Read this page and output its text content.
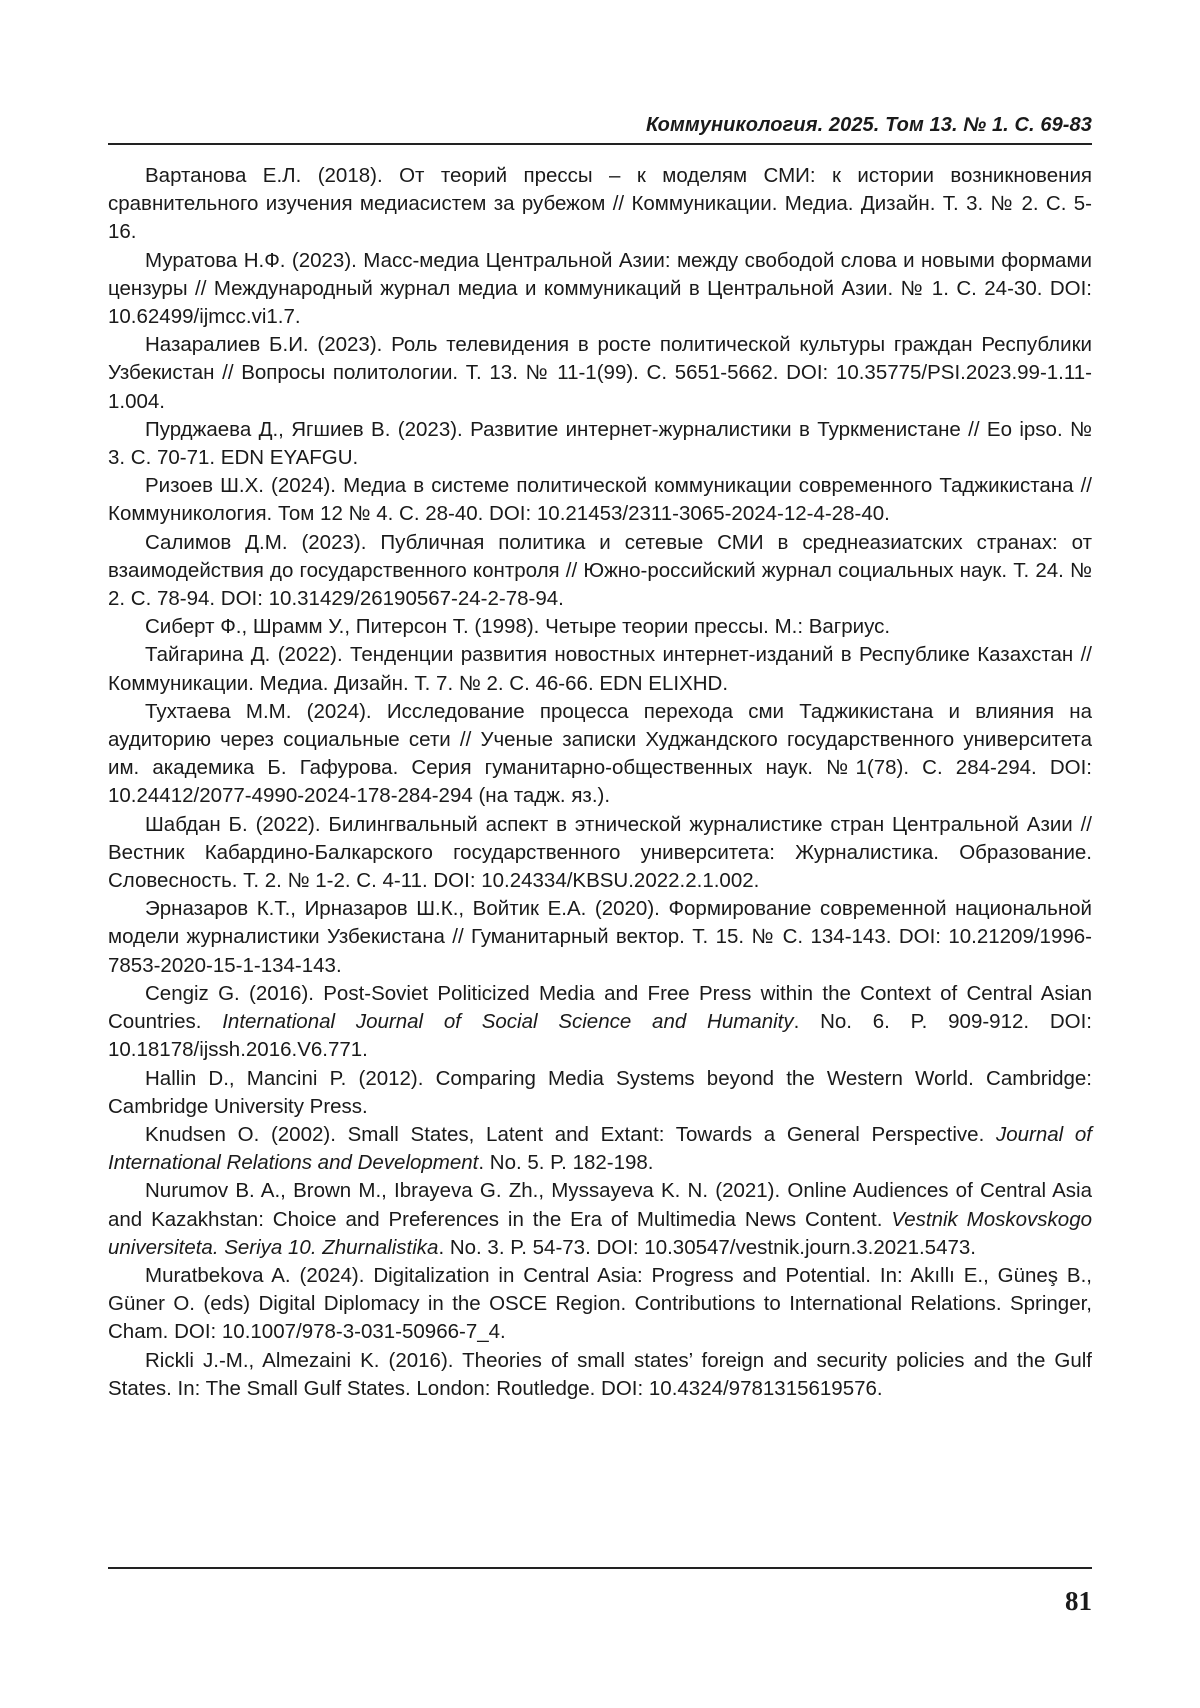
Коммуникология. 2025. Том 13. № 1. С. 69-83

Вартанова Е.Л. (2018). От теорий прессы – к моделям СМИ: к истории возникновения сравнительного изучения медиасистем за рубежом // Коммуникации. Медиа. Дизайн. Т. 3. № 2. С. 5-16.

Муратова Н.Ф. (2023). Масс-медиа Центральной Азии: между свободой слова и новыми формами цензуры // Международный журнал медиа и коммуникаций в Центральной Азии. № 1. С. 24-30. DOI: 10.62499/ijmcc.vi1.7.

Назаралиев Б.И. (2023). Роль телевидения в росте политической культуры граждан Республики Узбекистан // Вопросы политологии. Т. 13. № 11-1(99). С. 5651-5662. DOI: 10.35775/PSI.2023.99-1.11-1.004.

Пурджаева Д., Ягшиев В. (2023). Развитие интернет-журналистики в Туркменистане // Eo ipso. № 3. С. 70-71. EDN EYAFGU.

Ризоев Ш.Х. (2024). Медиа в системе политической коммуникации современного Таджикистана // Коммуникология. Том 12 № 4. С. 28-40. DOI: 10.21453/2311-3065-2024-12-4-28-40.

Салимов Д.М. (2023). Публичная политика и сетевые СМИ в среднеазиатских странах: от взаимодействия до государственного контроля // Южно-российский журнал социальных наук. Т. 24. № 2. С. 78-94. DOI: 10.31429/26190567-24-2-78-94.

Сиберт Ф., Шрамм У., Питерсон Т. (1998). Четыре теории прессы. М.: Вагриус.

Тайгарина Д. (2022). Тенденции развития новостных интернет-изданий в Республике Казахстан // Коммуникации. Медиа. Дизайн. Т. 7. № 2. С. 46-66. EDN ELIXHD.

Тухтаева М.М. (2024). Исследование процесса перехода сми Таджикистана и влияния на аудиторию через социальные сети // Ученые записки Худжандского государственного университета им. академика Б. Гафурова. Серия гуманитарно-общественных наук. №1(78). С. 284-294. DOI: 10.24412/2077-4990-2024-178-284-294 (на тадж. яз.).

Шабдан Б. (2022). Билингвальный аспект в этнической журналистике стран Центральной Азии // Вестник Кабардино-Балкарского государственного университета: Журналистика. Образование. Словесность. Т. 2. № 1-2. С. 4-11. DOI: 10.24334/KBSU.2022.2.1.002.

Эрназаров К.Т., Ирназаров Ш.К., Войтик Е.А. (2020). Формирование современной национальной модели журналистики Узбекистана // Гуманитарный вектор. Т. 15. № С. 134-143. DOI: 10.21209/1996-7853-2020-15-1-134-143.

Cengiz G. (2016). Post-Soviet Politicized Media and Free Press within the Context of Central Asian Countries. International Journal of Social Science and Humanity. No. 6. P. 909-912. DOI: 10.18178/ijssh.2016.V6.771.

Hallin D., Mancini P. (2012). Comparing Media Systems beyond the Western World. Cambridge: Cambridge University Press.

Knudsen O. (2002). Small States, Latent and Extant: Towards a General Perspective. Journal of International Relations and Development. No. 5. P. 182-198.

Nurumov B. A., Brown M., Ibrayeva G. Zh., Myssayeva K. N. (2021). Online Audiences of Central Asia and Kazakhstan: Choice and Preferences in the Era of Multimedia News Content. Vestnik Moskovskogo universiteta. Seriya 10. Zhurnalistika. No. 3. P. 54-73. DOI: 10.30547/vestnik.journ.3.2021.5473.

Muratbekova A. (2024). Digitalization in Central Asia: Progress and Potential. In: Akıllı E., Güneş B., Güner O. (eds) Digital Diplomacy in the OSCE Region. Contributions to International Relations. Springer, Cham. DOI: 10.1007/978-3-031-50966-7_4.

Rickli J.-M., Almezaini K. (2016). Theories of small states’ foreign and security policies and the Gulf States. In: The Small Gulf States. London: Routledge. DOI: 10.4324/9781315619576.

81
